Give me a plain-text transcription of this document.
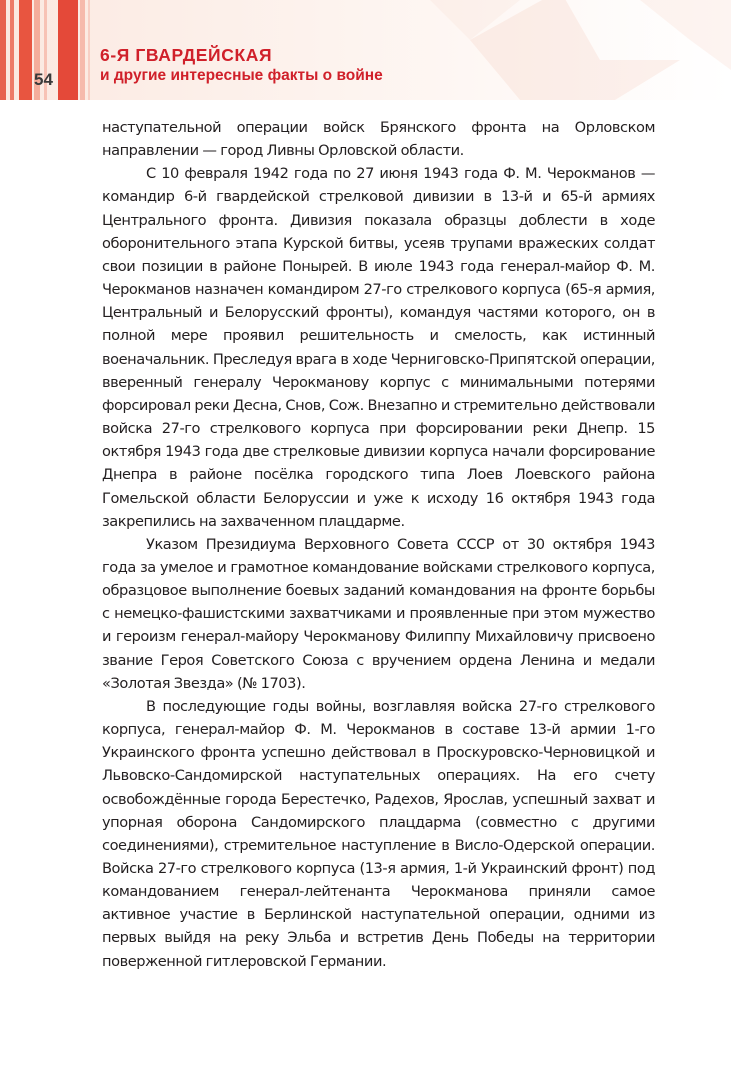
54
6-Я ГВАРДЕЙСКАЯ
и другие интересные факты о войне

наступательной операции войск Брянского фронта на Орловском направлении — город Ливны Орловской области.

С 10 февраля 1942 года по 27 июня 1943 года Ф. М. Черокманов — командир 6-й гвардейской стрелковой дивизии в 13-й и 65-й армиях Центрального фронта. Дивизия показала образцы доблести в ходе оборонительного этапа Курской битвы, усеяв трупами вражеских солдат свои позиции в районе Поныpей. В июле 1943 года генерал-майор Ф. М. Черокманов назначен командиром 27-го стрелкового корпуса (65-я армия, Центральный и Белорусский фронты), командуя частями которого, он в полной мере проявил решительность и смелость, как истинный военачальник. Преследуя врага в ходе Черниговско-Припятской операции, вверенный генералу Черокманову корпус с минимальными потерями форсировал реки Десна, Снов, Сож. Внезапно и стремительно действовали войска 27-го стрелкового корпуса при форсировании реки Днепр. 15 октября 1943 года две стрелковые дивизии корпуса начали форсирование Днепра в районе посёлка городского типа Лоев Лоевского района Гомельской области Белоруссии и уже к исходу 16 октября 1943 года закрепились на захваченном плацдарме.

Указом Президиума Верховного Совета СССР от 30 октября 1943 года за умелое и грамотное командование войсками стрелкового корпуса, образцовое выполнение боевых заданий командования на фронте борьбы с немецко-фашистскими захватчиками и проявленные при этом мужество и героизм генерал-майору Черокманову Филиппу Михайловичу присвоено звание Героя Советского Союза с вручением ордена Ленина и медали «Золотая Звезда» (№ 1703).

В последующие годы войны, возглавляя войска 27-го стрелкового корпуса, генерал-майор Ф. М. Черокманов в составе 13-й армии 1-го Украинского фронта успешно действовал в Проскуровско-Черновицкой и Львовско-Сандомирской наступательных операциях. На его счету освобождённые города Берестечко, Радехов, Ярослав, успешный захват и упорная оборона Сандомирского плацдарма (совместно с другими соединениями), стремительное наступление в Висло-Одерской операции. Войска 27-го стрелкового корпуса (13-я армия, 1-й Украинский фронт) под командованием генерал-лейтенанта Черокманова приняли самое активное участие в Берлинской наступательной операции, одними из первых выйдя на реку Эльба и встретив День Победы на территории поверженной гитлеровской Германии.
